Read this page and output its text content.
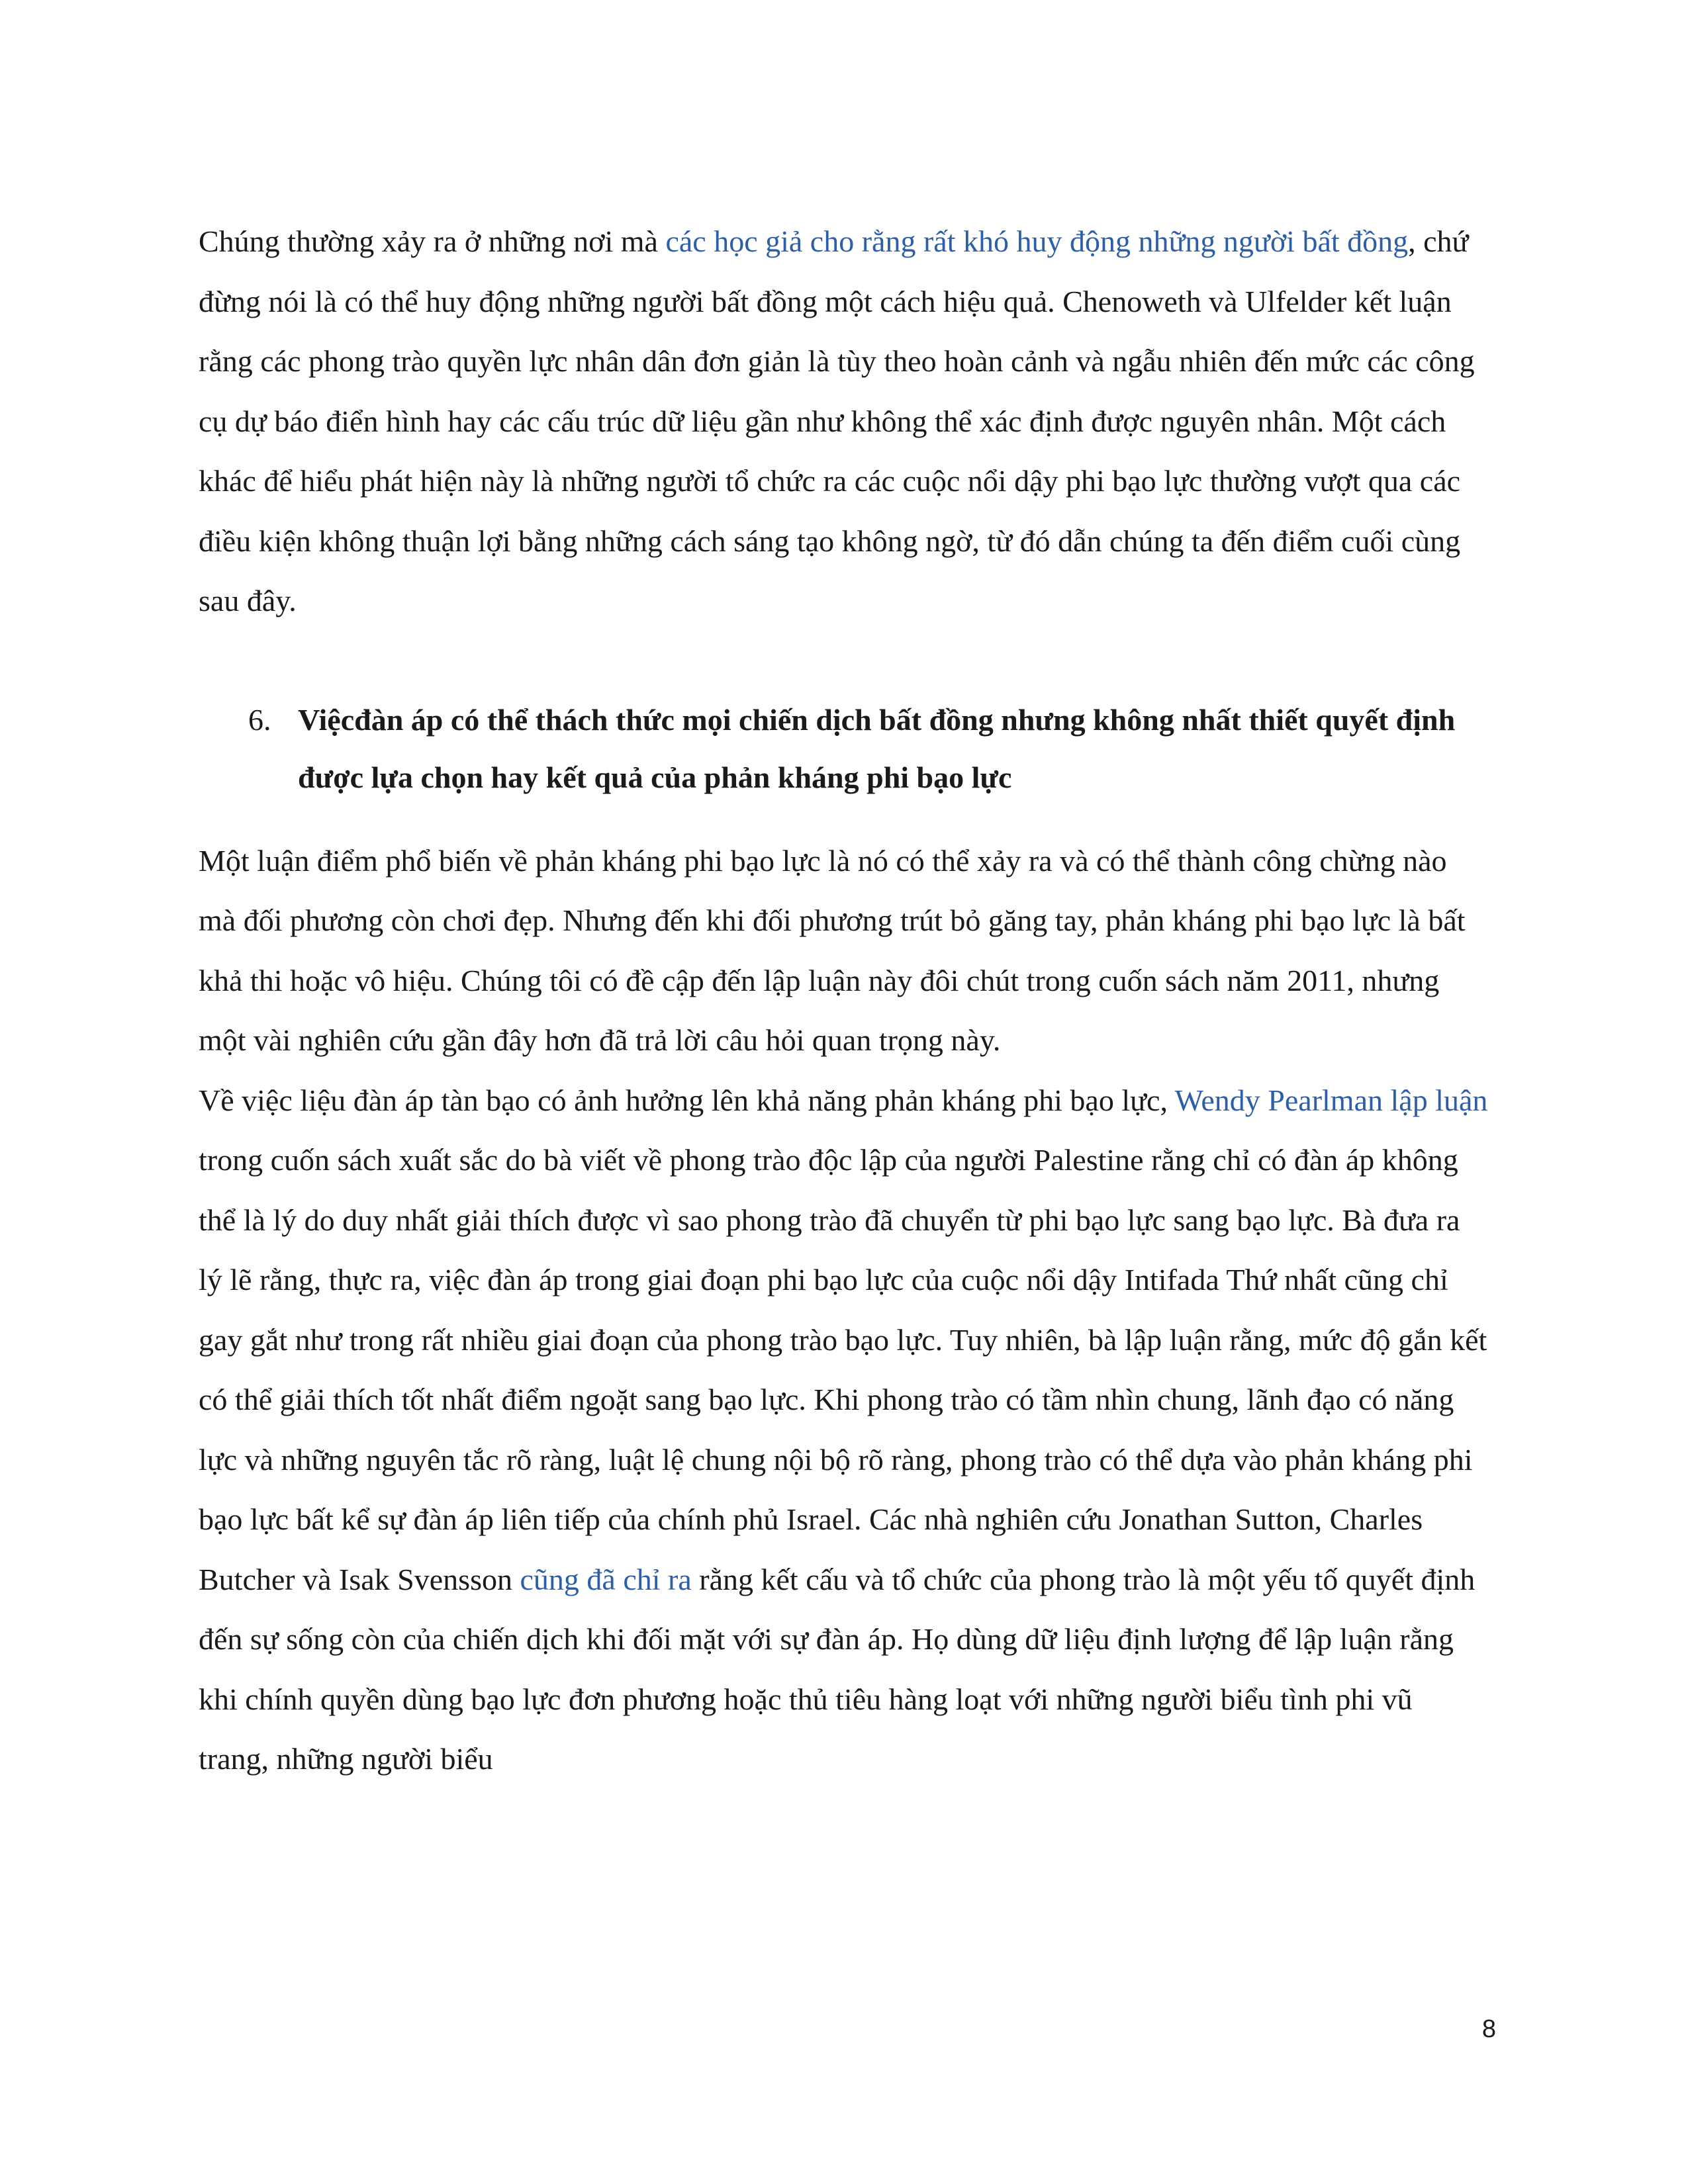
Chúng thường xảy ra ở những nơi mà các học giả cho rằng rất khó huy động những người bất đồng, chứ đừng nói là có thể huy động những người bất đồng một cách hiệu quả. Chenoweth và Ulfelder kết luận rằng các phong trào quyền lực nhân dân đơn giản là tùy theo hoàn cảnh và ngẫu nhiên đến mức các công cụ dự báo điển hình hay các cấu trúc dữ liệu gần như không thể xác định được nguyên nhân. Một cách khác để hiểu phát hiện này là những người tổ chức ra các cuộc nổi dậy phi bạo lực thường vượt qua các điều kiện không thuận lợi bằng những cách sáng tạo không ngờ, từ đó dẫn chúng ta đến điểm cuối cùng sau đây.

6. Việcđàn áp có thể thách thức mọi chiến dịch bất đồng nhưng không nhất thiết quyết định được lựa chọn hay kết quả của phản kháng phi bạo lực

Một luận điểm phổ biến về phản kháng phi bạo lực là nó có thể xảy ra và có thể thành công chừng nào mà đối phương còn chơi đẹp. Nhưng đến khi đối phương trút bỏ găng tay, phản kháng phi bạo lực là bất khả thi hoặc vô hiệu. Chúng tôi có đề cập đến lập luận này đôi chút trong cuốn sách năm 2011, nhưng một vài nghiên cứu gần đây hơn đã trả lời câu hỏi quan trọng này.

Về việc liệu đàn áp tàn bạo có ảnh hưởng lên khả năng phản kháng phi bạo lực, Wendy Pearlman lập luận trong cuốn sách xuất sắc do bà viết về phong trào độc lập của người Palestine rằng chỉ có đàn áp không thể là lý do duy nhất giải thích được vì sao phong trào đã chuyển từ phi bạo lực sang bạo lực. Bà đưa ra lý lẽ rằng, thực ra, việc đàn áp trong giai đoạn phi bạo lực của cuộc nổi dậy Intifada Thứ nhất cũng chỉ gay gắt như trong rất nhiều giai đoạn của phong trào bạo lực. Tuy nhiên, bà lập luận rằng, mức độ gắn kết có thể giải thích tốt nhất điểm ngoặt sang bạo lực. Khi phong trào có tầm nhìn chung, lãnh đạo có năng lực và những nguyên tắc rõ ràng, luật lệ chung nội bộ rõ ràng, phong trào có thể dựa vào phản kháng phi bạo lực bất kể sự đàn áp liên tiếp của chính phủ Israel. Các nhà nghiên cứu Jonathan Sutton, Charles Butcher và Isak Svensson cũng đã chỉ ra rằng kết cấu và tổ chức của phong trào là một yếu tố quyết định đến sự sống còn của chiến dịch khi đối mặt với sự đàn áp. Họ dùng dữ liệu định lượng để lập luận rằng khi chính quyền dùng bạo lực đơn phương hoặc thủ tiêu hàng loạt với những người biểu tình phi vũ trang, những người biểu

8
